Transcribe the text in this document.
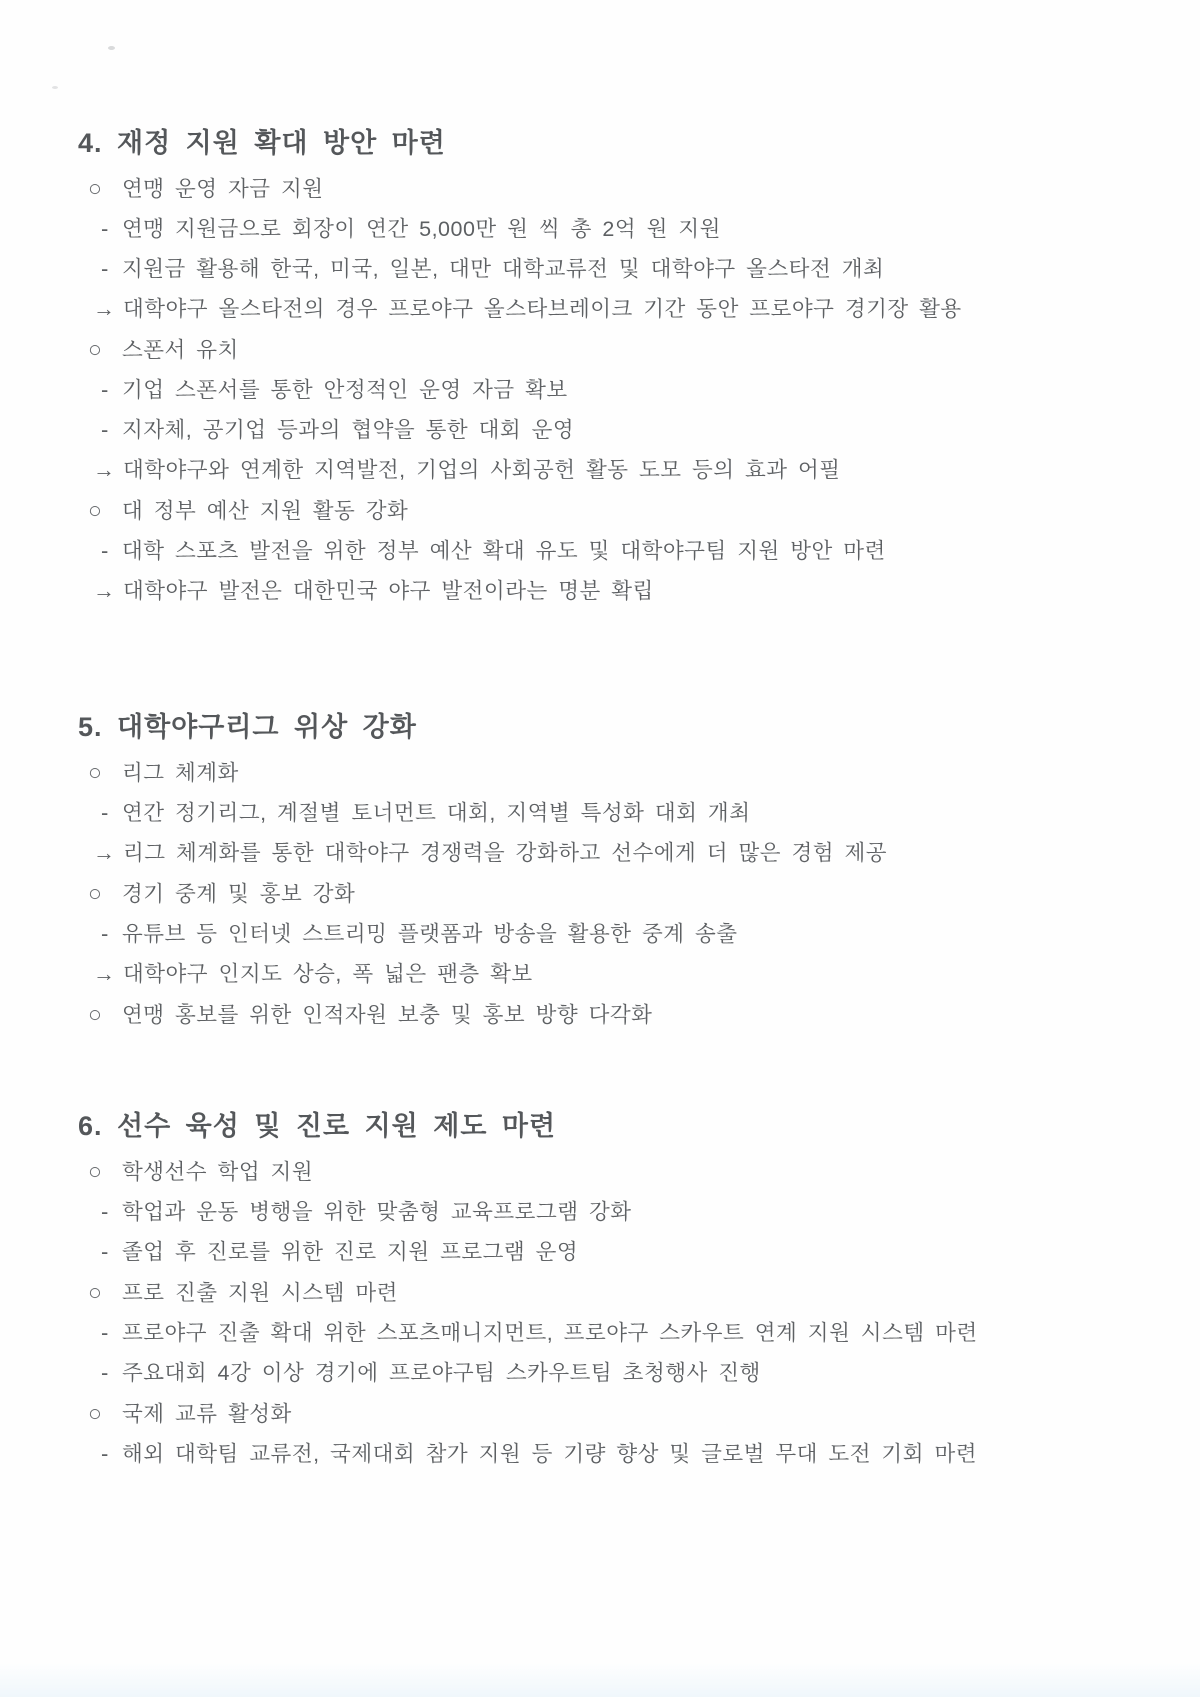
4. 재정 지원 확대 방안 마련
○ 연맹 운영 자금 지원
- 연맹 지원금으로 회장이 연간 5,000만 원 씩 총 2억 원 지원
- 지원금 활용해 한국, 미국, 일본, 대만 대학교류전 및 대학야구 올스타전 개최
→ 대학야구 올스타전의 경우 프로야구 올스타브레이크 기간 동안 프로야구 경기장 활용
○ 스폰서 유치
- 기업 스폰서를 통한 안정적인 운영 자금 확보
- 지자체, 공기업 등과의 협약을 통한 대회 운영
→ 대학야구와 연계한 지역발전, 기업의 사회공헌 활동 도모 등의 효과 어필
○ 대 정부 예산 지원 활동 강화
- 대학 스포츠 발전을 위한 정부 예산 확대 유도 및 대학야구팀 지원 방안 마련
→ 대학야구 발전은 대한민국 야구 발전이라는 명분 확립
5. 대학야구리그 위상 강화
○ 리그 체계화
- 연간 정기리그, 계절별 토너먼트 대회, 지역별 특성화 대회 개최
→ 리그 체계화를 통한 대학야구 경쟁력을 강화하고 선수에게 더 많은 경험 제공
○ 경기 중계 및 홍보 강화
- 유튜브 등 인터넷 스트리밍 플랫폼과 방송을 활용한 중계 송출
→ 대학야구 인지도 상승, 폭 넓은 팬층 확보
○ 연맹 홍보를 위한 인적자원 보충 및 홍보 방향 다각화
6. 선수 육성 및 진로 지원 제도 마련
○ 학생선수 학업 지원
- 학업과 운동 병행을 위한 맞춤형 교육프로그램 강화
- 졸업 후 진로를 위한 진로 지원 프로그램 운영
○ 프로 진출 지원 시스템 마련
- 프로야구 진출 확대 위한 스포츠매니지먼트, 프로야구 스카우트 연계 지원 시스템 마련
- 주요대회 4강 이상 경기에 프로야구팀 스카우트팀 초청행사 진행
○ 국제 교류 활성화
- 해외 대학팀 교류전, 국제대회 참가 지원 등 기량 향상 및 글로벌 무대 도전 기회 마련
